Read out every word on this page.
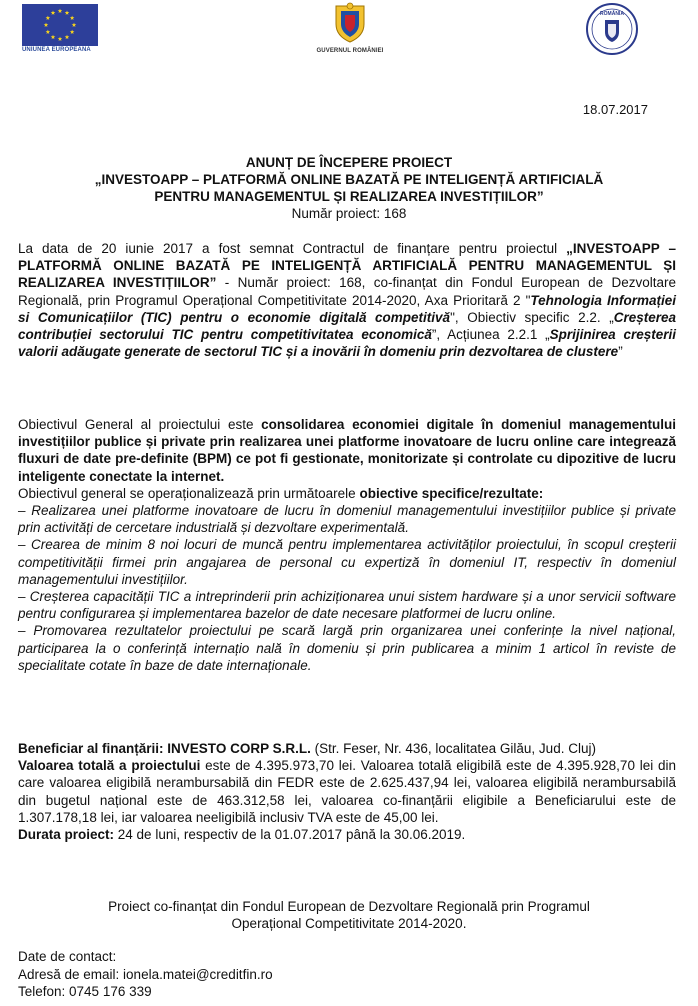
UNIUNEA EUROPEANĂ	GUVERNUL ROMÂNIEI
ROMÂNIA
18.07.2017
ANUNȚ DE ÎNCEPERE PROIECT
„INVESTOAPP – PLATFORMĂ ONLINE BAZATĂ PE INTELIGENȚĂ ARTIFICIALĂ
PENTRU MANAGEMENTUL ȘI REALIZAREA INVESTIȚIILOR”
Număr proiect: 168
La data de 20 iunie 2017 a fost semnat Contractul de finanțare pentru proiectul „INVESTOAPP – PLATFORMĂ ONLINE BAZATĂ PE INTELIGENȚĂ ARTIFICIALĂ PENTRU MANAGEMENTUL ȘI REALIZAREA INVESTIȚIILOR” - Număr proiect: 168, co-finanțat din Fondul European de Dezvoltare Regională, prin Programul Operațional Competitivitate 2014-2020, Axa Prioritară 2 "Tehnologia Informației si Comunicațiilor (TIC) pentru o economie digitală competitivă", Obiectiv specific 2.2. „Creșterea contribuției sectorului TIC pentru competitivitatea economică”, Acțiunea 2.2.1 „Sprijinirea creșterii valorii adăugate generate de sectorul TIC și a inovării în domeniu prin dezvoltarea de clustere”
Obiectivul General al proiectului este consolidarea economiei digitale în domeniul managementului investițiilor publice și private prin realizarea unei platforme inovatoare de lucru online care integrează fluxuri de date pre-definite (BPM) ce pot fi gestionate, monitorizate și controlate cu dipozitive de lucru inteligente conectate la internet.
Obiectivul general se operaționalizează prin următoarele obiective specifice/rezultate:
– Realizarea unei platforme inovatoare de lucru în domeniul managementului investițiilor publice și private prin activități de cercetare industrială și dezvoltare experimentală.
– Crearea de minim 8 noi locuri de muncă pentru implementarea activităților proiectului, în scopul creșterii competitivității firmei prin angajarea de personal cu expertiză în domeniul IT, respectiv în domeniul managementului investițiilor.
– Creșterea capacității TIC a intreprinderii prin achiziționarea unui sistem hardware și a unor servicii software pentru configurarea și implementarea bazelor de date necesare platformei de lucru online.
– Promovarea rezultatelor proiectului pe scară largă prin organizarea unei conferințe la nivel național, participarea la o conferință internațio nală în domeniu și prin publicarea a minim 1 articol în reviste de specialitate cotate în baze de date internaționale.
Beneficiar al finanțării: INVESTO CORP S.R.L. (Str. Feser, Nr. 436, localitatea Gilău, Jud. Cluj)
Valoarea totală a proiectului este de 4.395.973,70 lei. Valoarea totală eligibilă este de 4.395.928,70 lei din care valoarea eligibilă nerambursabilă din FEDR este de 2.625.437,94 lei, valoarea eligibilă nerambursabilă din bugetul național este de 463.312,58 lei, valoarea co-finanțării eligibile a Beneficiarului este de 1.307.178,18 lei, iar valoarea neeligibilă inclusiv TVA este de 45,00 lei.
Durata proiect: 24 de luni, respectiv de la 01.07.2017 până la 30.06.2019.
Proiect co-finanțat din Fondul European de Dezvoltare Regională prin Programul
Operațional Competitivitate 2014-2020.
Date de contact:
Adresă de email: ionela.matei@creditfin.ro
Telefon: 0745 176 339
